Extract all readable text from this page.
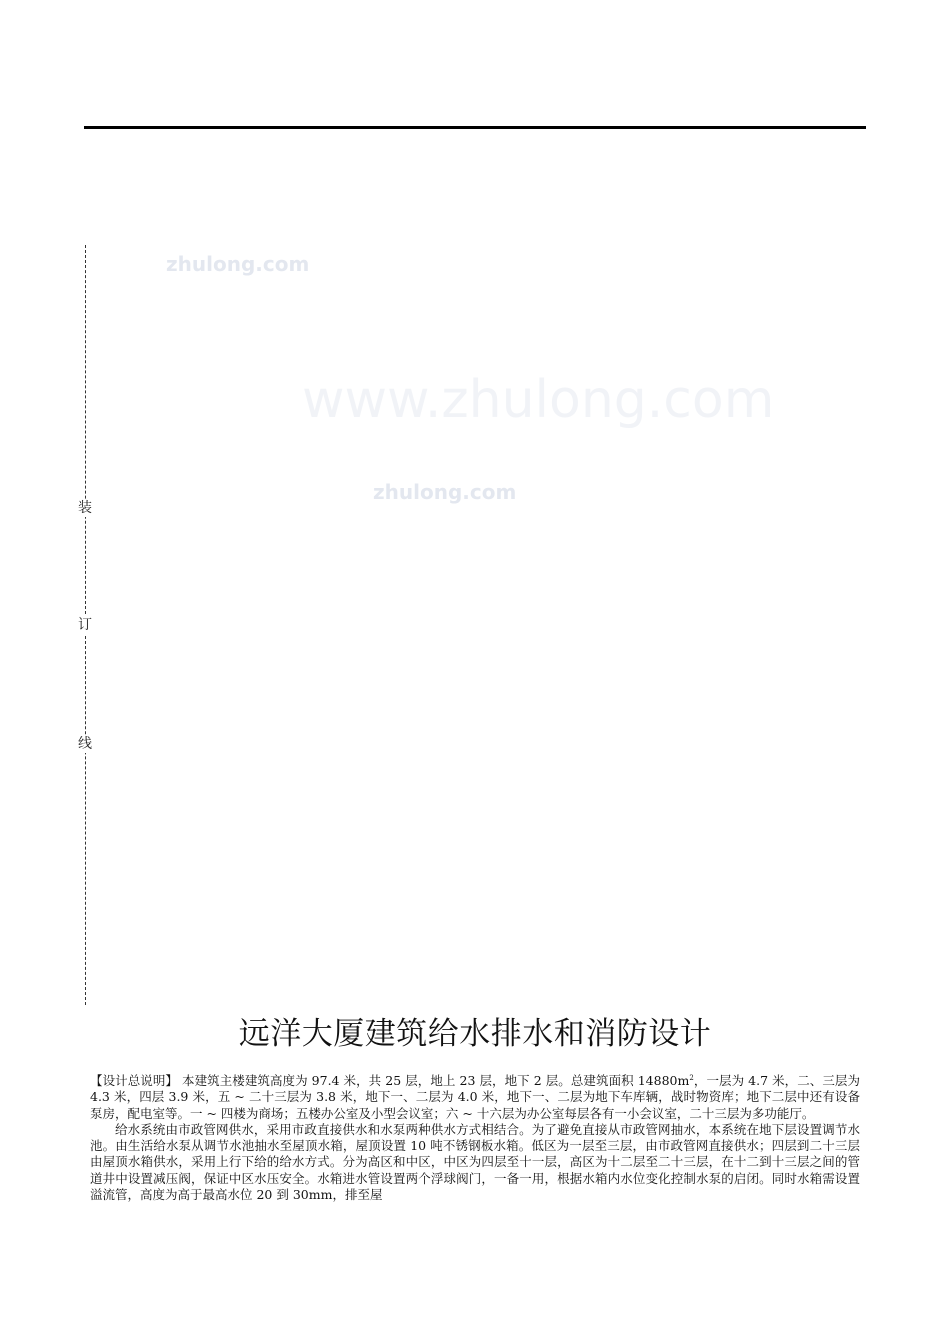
装
订
线
zhulong.com
www.zhulong.com
zhulong.com
远洋大厦建筑给水排水和消防设计

【设计总说明】 本建筑主楼建筑高度为 97.4 米，共 25 层，地上 23 层，地下 2 层。总建筑面积 $14880m^2$，一层为 4.7 米，二、三层为 4.3 米，四层 3.9 米，五 ~ 二十三层为 3.8 米，地下一、二层为 4.0 米，地下一、二层为地下车库辆，战时物资库；地下二层中还有设备泵房，配电室等。一 ~ 四楼为商场；五楼办公室及小型会议室；六 ~ 十六层为办公室每层各有一小会议室，二十三层为多功能厅。

给水系统由市政管网供水，采用市政直接供水和水泵两种供水方式相结合。为了避免直接从市政管网抽水，本系统在地下层设置调节水池。由生活给水泵从调节水池抽水至屋顶水箱，屋顶设置 10 吨不锈钢板水箱。低区为一层至三层，由市政管网直接供水；四层到二十三层由屋顶水箱供水，采用上行下给的给水方式。分为高区和中区，中区为四层至十一层，高区为十二层至二十三层，在十二到十三层之间的管道井中设置减压阀，保证中区水压安全。水箱进水管设置两个浮球阀门，一备一用，根据水箱内水位变化控制水泵的启闭。同时水箱需设置溢流管，高度为高于最高水位 20 到 30mm，排至屋
